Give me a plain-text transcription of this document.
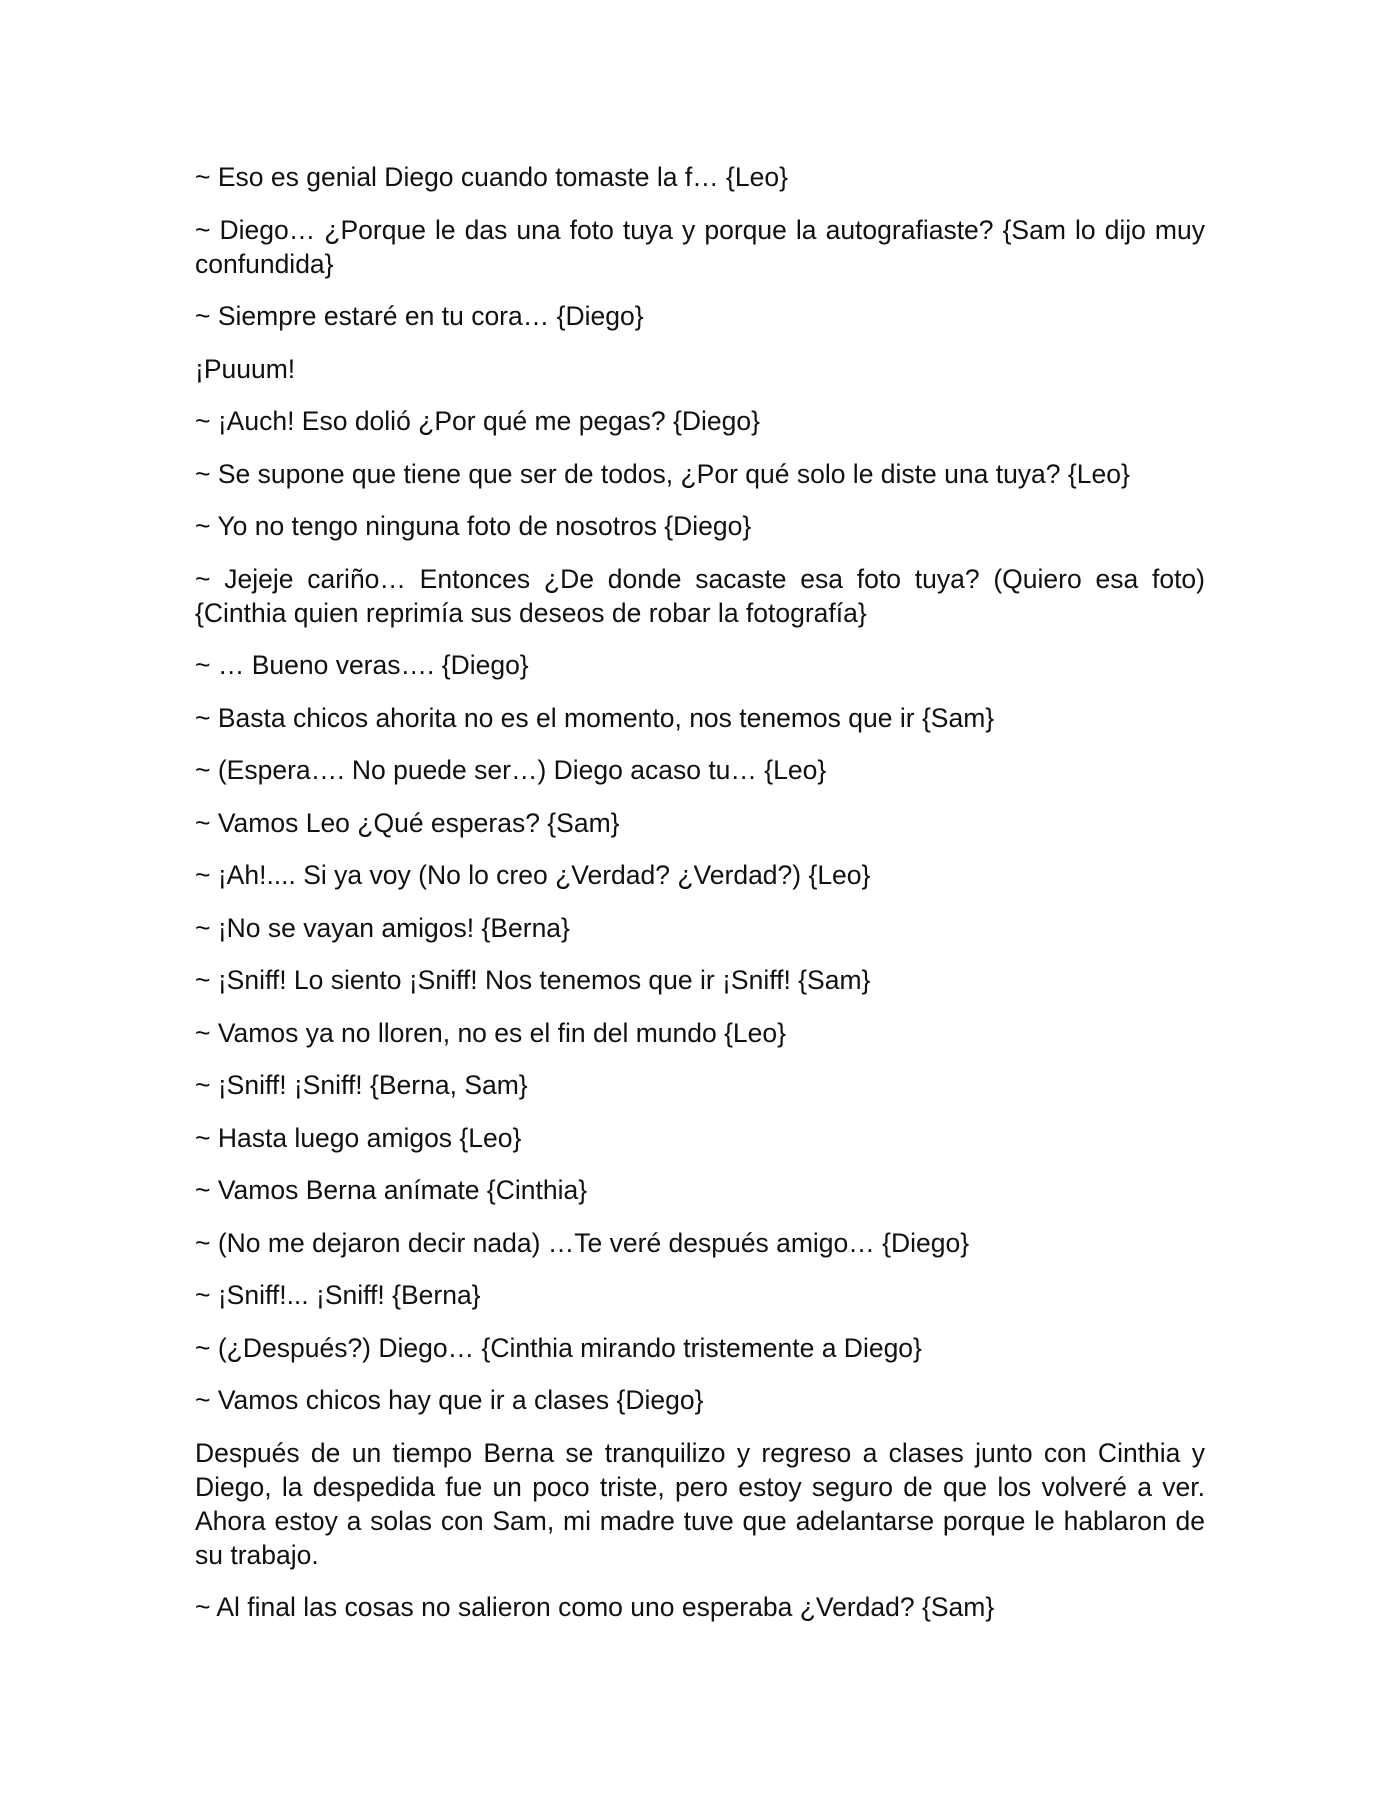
~ Eso es genial Diego cuando tomaste la f… {Leo}

~ Diego… ¿Porque le das una foto tuya y porque la autografiaste? {Sam lo dijo muy confundida}

~ Siempre estaré en tu cora… {Diego}

¡Puuum!

~ ¡Auch! Eso dolió ¿Por qué me pegas? {Diego}

~ Se supone que tiene que ser de todos, ¿Por qué solo le diste una tuya? {Leo}

~ Yo no tengo ninguna foto de nosotros {Diego}

~ Jejeje cariño… Entonces ¿De donde sacaste esa foto tuya? (Quiero esa foto) {Cinthia quien reprimía sus deseos de robar la fotografía}

~ … Bueno veras…. {Diego}

~ Basta chicos ahorita no es el momento, nos tenemos que ir {Sam}

~ (Espera…. No puede ser…) Diego acaso tu… {Leo}

~ Vamos Leo ¿Qué esperas? {Sam}

~ ¡Ah!.... Si ya voy (No lo creo ¿Verdad? ¿Verdad?) {Leo}

~ ¡No se vayan amigos! {Berna}

~ ¡Sniff! Lo siento ¡Sniff! Nos tenemos que ir ¡Sniff! {Sam}

~ Vamos ya no lloren, no es el fin del mundo {Leo}

~ ¡Sniff! ¡Sniff! {Berna, Sam}

~ Hasta luego amigos {Leo}

~ Vamos Berna anímate {Cinthia}

~ (No me dejaron decir nada) …Te veré después amigo… {Diego}

~ ¡Sniff!... ¡Sniff! {Berna}

~ (¿Después?) Diego… {Cinthia mirando tristemente a Diego}

~ Vamos chicos hay que ir a clases {Diego}

Después de un tiempo Berna se tranquilizo y regreso a clases junto con Cinthia y Diego, la despedida fue un poco triste, pero estoy seguro de que los volveré a ver. Ahora estoy a solas con Sam, mi madre tuve que adelantarse porque le hablaron de su trabajo.

~ Al final las cosas no salieron como uno esperaba ¿Verdad? {Sam}
